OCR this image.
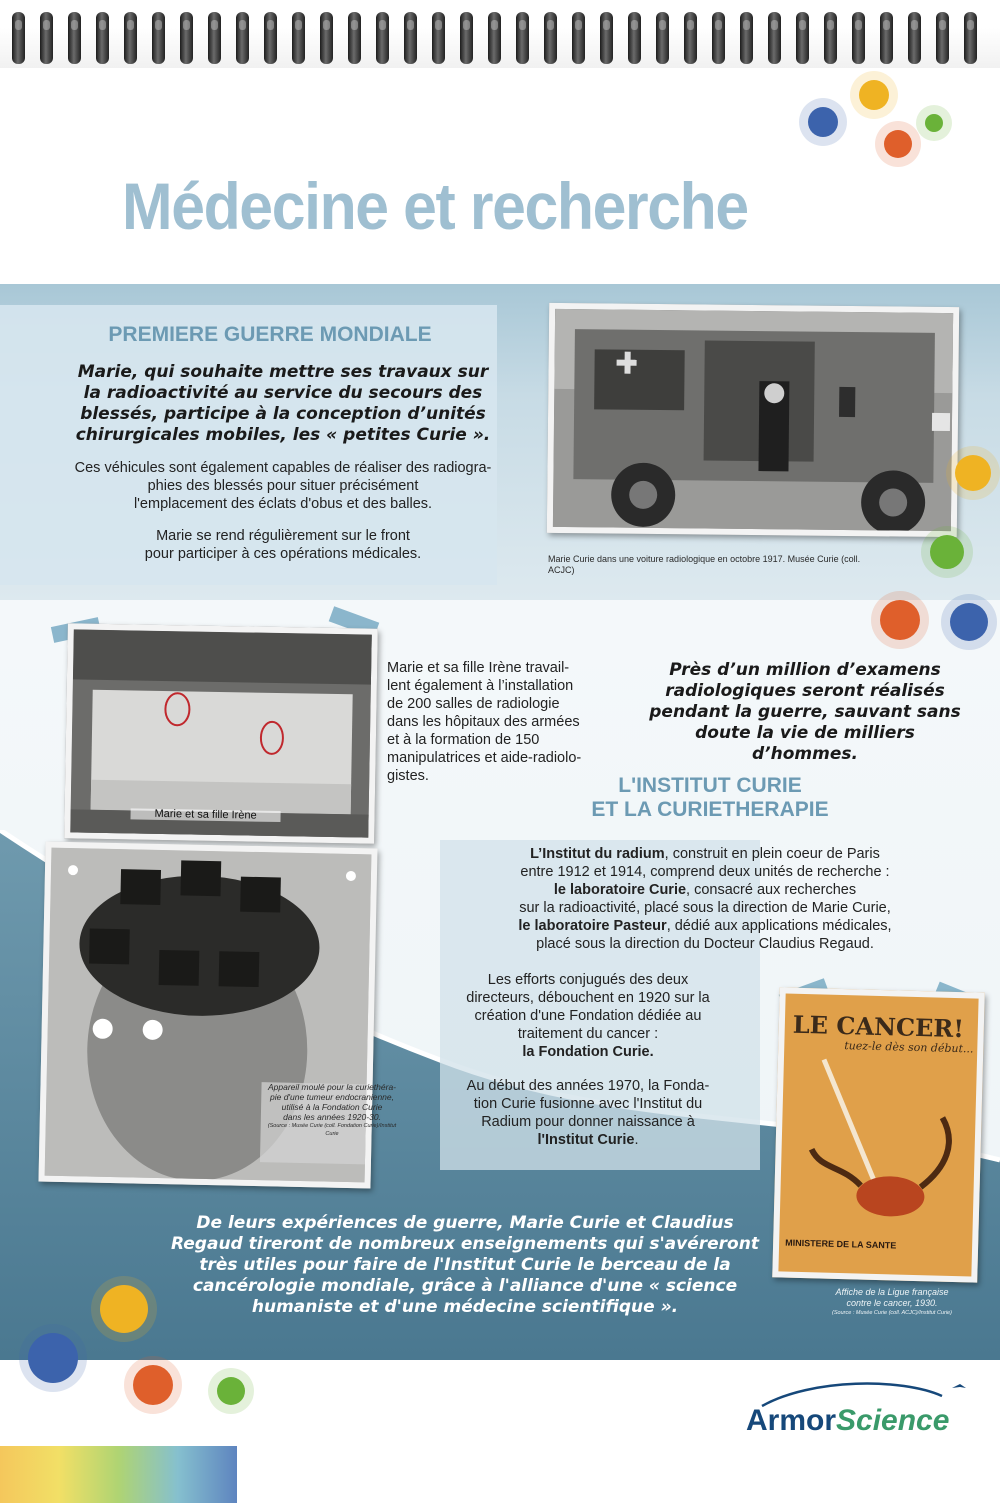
Médecine et recherche
PREMIERE GUERRE MONDIALE
Marie, qui souhaite mettre ses travaux sur
la radioactivité au service du secours des
blessés, participe à la conception d’unités
chirurgicales mobiles, les « petites Curie ».
Ces véhicules sont également capables de réaliser des radiogra-
phies des blessés pour situer précisément
l'emplacement des éclats d'obus et des balles.
Marie se rend régulièrement sur le front
pour participer à ces opérations médicales.	Marie Curie dans une voiture radiologique en octobre 1917. Musée Curie (coll. ACJC)
Marie et sa fille Irène
Marie et sa fille Irène travail-
lent également à l’installation
de 200 salles de radiologie
dans les hôpitaux des armées
et à la formation de 150
manipulatrices et aide-radiolo-
gistes.
Près d’un million d’examens
radiologiques seront réalisés
pendant la guerre, sauvant sans
doute la vie de milliers d’hommes.
L'INSTITUT CURIE
ET LA CURIETHERAPIE
L’Institut du radium, construit en plein coeur de Paris
entre 1912 et 1914, comprend deux unités de recherche :
le laboratoire Curie, consacré aux recherches
sur la radioactivité, placé sous la direction de Marie Curie,
le laboratoire Pasteur, dédié aux applications médicales,
placé sous la direction du Docteur Claudius Regaud.
Les efforts conjugués des deux
directeurs, débouchent en 1920 sur la
création d'une Fondation dédiée au
traitement du cancer :
la Fondation Curie.
Au début des années 1970, la Fonda-
tion Curie fusionne avec l'Institut du
Radium pour donner naissance à
l'Institut Curie.
Appareil moulé pour la curiethéra-
pie d'une tumeur endocranienne,
utilisé à la Fondation Curie
dans les années 1920-30.
(Source : Musée Curie (coll. Fondation Curie)/Institut Curie
LE CANCER!
tuez-le dès son début...
MINISTERE DE LA SANTE
Affiche de la Ligue française
contre le cancer, 1930.
(Source : Musée Curie (coll. ACJC)/Institut Curie)
De leurs expériences de guerre, Marie Curie et Claudius
Regaud tireront de nombreux enseignements qui s'avéreront
très utiles pour faire de l'Institut Curie le berceau de la
cancérologie mondiale, grâce à l'alliance d'une « science
humaniste et d'une médecine scientifique ».
ArmorScience
